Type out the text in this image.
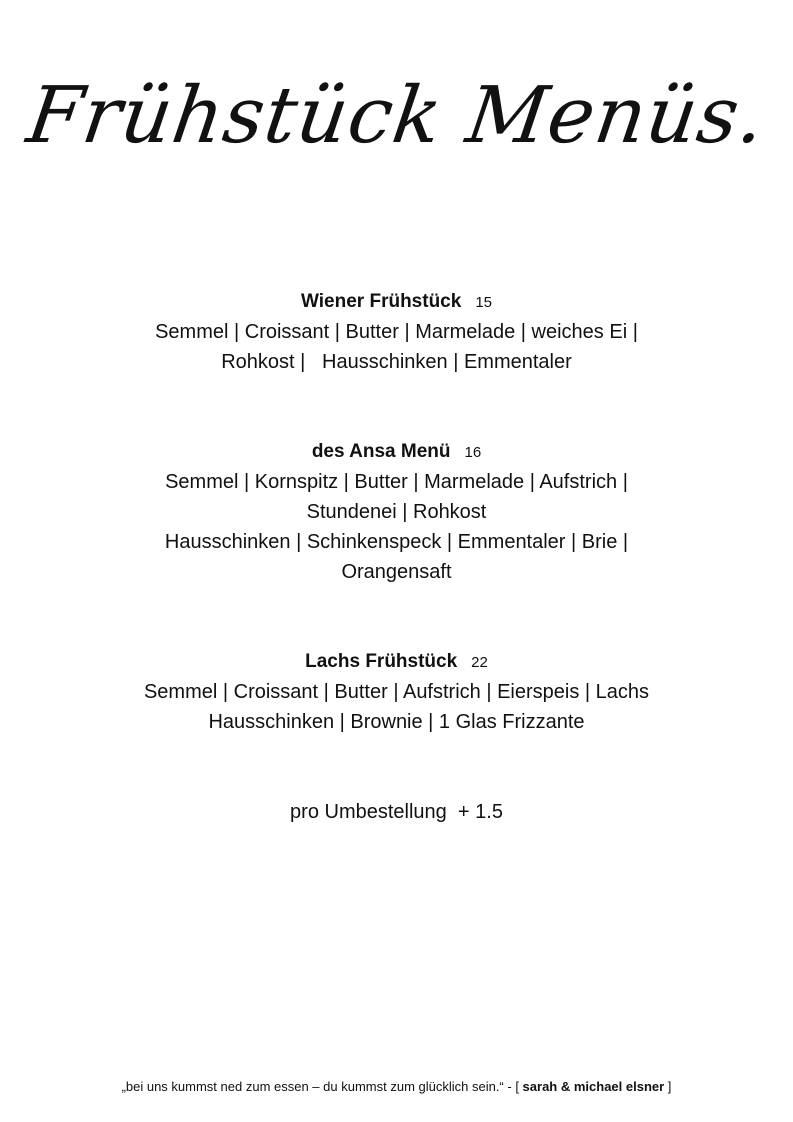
Frühstück Menüs.
Wiener Frühstück 15
Semmel | Croissant | Butter | Marmelade | weiches Ei |
Rohkost |   Hausschinken | Emmentaler
des Ansa Menü 16
Semmel | Kornspitz | Butter | Marmelade | Aufstrich |
Stundenei | Rohkost
Hausschinken | Schinkenspeck | Emmentaler | Brie |
Orangensaft
Lachs Frühstück 22
Semmel | Croissant | Butter | Aufstrich | Eierspeis | Lachs
Hausschinken | Brownie | 1 Glas Frizzante
pro Umbestellung  + 1.5
„bei uns kummst ned zum essen – du kummst zum glücklich sein.“ - [ sarah & michael elsner ]
